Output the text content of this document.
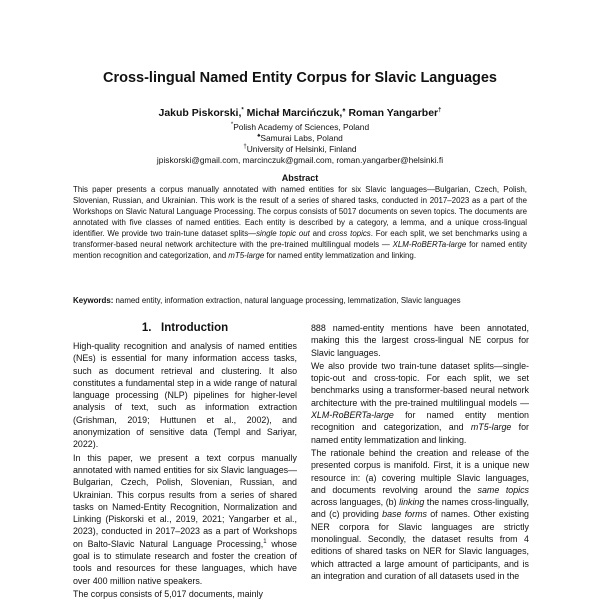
Cross-lingual Named Entity Corpus for Slavic Languages
Jakub Piskorski,* Michał Marcińczuk,♠ Roman Yangarber†
*Polish Academy of Sciences, Poland
♠Samurai Labs, Poland
†University of Helsinki, Finland
jpiskorski@gmail.com, marcinczuk@gmail.com, roman.yangarber@helsinki.fi
Abstract

This paper presents a corpus manually annotated with named entities for six Slavic languages—Bulgarian, Czech, Polish, Slovenian, Russian, and Ukrainian. This work is the result of a series of shared tasks, conducted in 2017–2023 as a part of the Workshops on Slavic Natural Language Processing. The corpus consists of 5017 documents on seven topics. The documents are annotated with five classes of named entities. Each entity is described by a category, a lemma, and a unique cross-lingual identifier. We provide two train-tune dataset splits—single topic out and cross topics. For each split, we set benchmarks using a transformer-based neural network architecture with the pre-trained multilingual models — XLM-RoBERTa-large for named entity mention recognition and categorization, and mT5-large for named entity lemmatization and linking.

Keywords: named entity, information extraction, natural language processing, lemmatization, Slavic languages

1. Introduction

High-quality recognition and analysis of named entities (NEs) is essential for many information access tasks, such as document retrieval and clustering. It also constitutes a fundamental step in a wide range of natural language processing (NLP) pipelines for higher-level analysis of text, such as information extraction (Grishman, 2019; Huttunen et al., 2002), and anonymization of sensitive data (Templ and Sariyar, 2022).

In this paper, we present a text corpus manually annotated with named entities for six Slavic languages—Bulgarian, Czech, Polish, Slovenian, Russian, and Ukrainian. This corpus results from a series of shared tasks on Named-Entity Recognition, Normalization and Linking (Piskorski et al., 2019, 2021; Yangarber et al., 2023), conducted in 2017–2023 as a part of Workshops on Balto-Slavic Natural Language Processing,$^1$ whose goal is to stimulate research and foster the creation of tools and resources for these languages, which have over 400 million native speakers.

The corpus consists of 5,017 documents, mainly

888 named-entity mentions have been annotated, making this the largest cross-lingual NE corpus for Slavic languages.

We also provide two train-tune dataset splits—single-topic-out and cross-topic. For each split, we set benchmarks using a transformer-based neural network architecture with the pre-trained multilingual models — XLM-RoBERTa-large for named entity mention recognition and categorization, and mT5-large for named entity lemmatization and linking.

The rationale behind the creation and release of the presented corpus is manifold. First, it is a unique new resource in: (a) covering multiple Slavic languages, and documents revolving around the same topics across languages, (b) linking the names cross-lingually, and (c) providing base forms of names. Other existing NER corpora for Slavic languages are strictly monolingual. Secondly, the dataset results from 4 editions of shared tasks on NER for Slavic languages, which attracted a large amount of participants, and is an integration and curation of all datasets used in the
